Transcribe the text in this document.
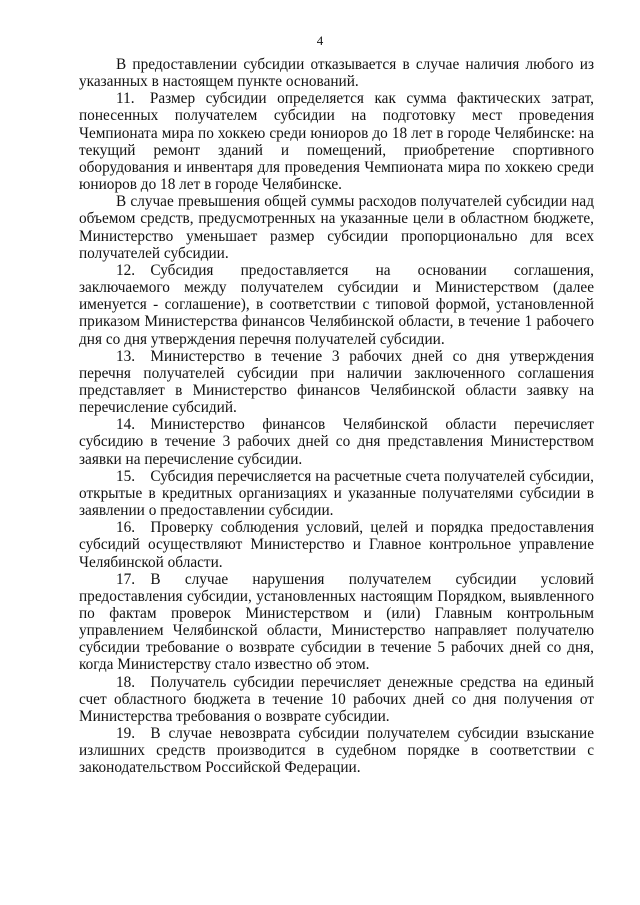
4

В предоставлении субсидии отказывается в случае наличия любого из указанных в настоящем пункте оснований.

11. Размер субсидии определяется как сумма фактических затрат, понесенных получателем субсидии на подготовку мест проведения Чемпионата мира по хоккею среди юниоров до 18 лет в городе Челябинске: на текущий ремонт зданий и помещений, приобретение спортивного оборудования и инвентаря для проведения Чемпионата мира по хоккею среди юниоров до 18 лет в городе Челябинске.

В случае превышения общей суммы расходов получателей субсидии над объемом средств, предусмотренных на указанные цели в областном бюджете, Министерство уменьшает размер субсидии пропорционально для всех получателей субсидии.

12. Субсидия предоставляется на основании соглашения, заключаемого между получателем субсидии и Министерством (далее именуется - соглашение), в соответствии с типовой формой, установленной приказом Министерства финансов Челябинской области, в течение 1 рабочего дня со дня утверждения перечня получателей субсидии.

13. Министерство в течение 3 рабочих дней со дня утверждения перечня получателей субсидии при наличии заключенного соглашения представляет в Министерство финансов Челябинской области заявку на перечисление субсидий.

14. Министерство финансов Челябинской области перечисляет субсидию в течение 3 рабочих дней со дня представления Министерством заявки на перечисление субсидии.

15. Субсидия перечисляется на расчетные счета получателей субсидии, открытые в кредитных организациях и указанные получателями субсидии в заявлении о предоставлении субсидии.

16. Проверку соблюдения условий, целей и порядка предоставления субсидий осуществляют Министерство и Главное контрольное управление Челябинской области.

17. В случае нарушения получателем субсидии условий предоставления субсидии, установленных настоящим Порядком, выявленного по фактам проверок Министерством и (или) Главным контрольным управлением Челябинской области, Министерство направляет получателю субсидии требование о возврате субсидии в течение 5 рабочих дней со дня, когда Министерству стало известно об этом.

18. Получатель субсидии перечисляет денежные средства на единый счет областного бюджета в течение 10 рабочих дней со дня получения от Министерства требования о возврате субсидии.

19. В случае невозврата субсидии получателем субсидии взыскание излишних средств производится в судебном порядке в соответствии с законодательством Российской Федерации.
